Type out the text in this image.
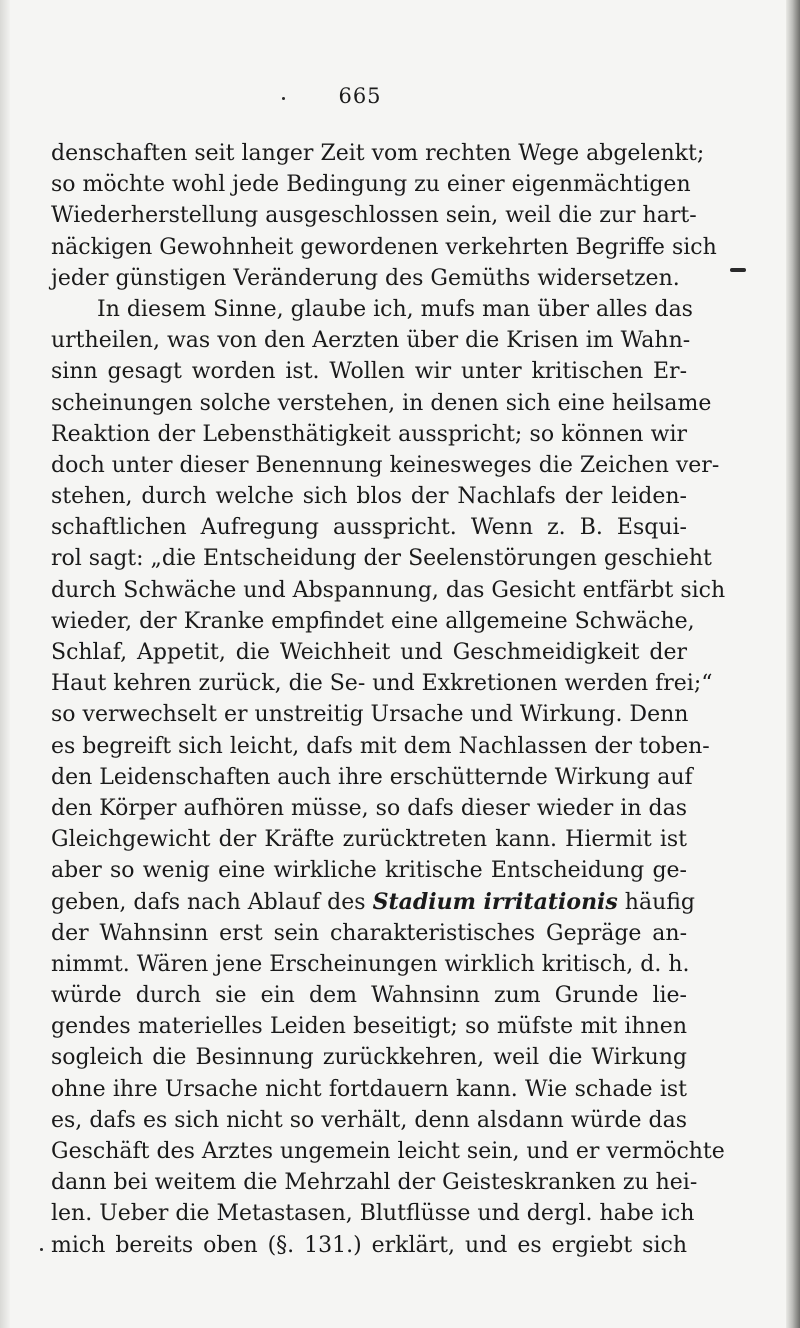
665
denschaften seit langer Zeit vom rechten Wege abgelenkt;
so möchte wohl jede Bedingung zu einer eigenmächtigen
Wiederherstellung ausgeschlossen sein, weil die zur hart-
näckigen Gewohnheit gewordenen verkehrten Begriffe sich
jeder günstigen Veränderung des Gemüths widersetzen.
In diesem Sinne, glaube ich, mufs man über alles das
urtheilen, was von den Aerzten über die Krisen im Wahn-
sinn gesagt worden ist. Wollen wir unter kritischen Er-
scheinungen solche verstehen, in denen sich eine heilsame
Reaktion der Lebensthätigkeit ausspricht; so können wir
doch unter dieser Benennung keinesweges die Zeichen ver-
stehen, durch welche sich blos der Nachlafs der leiden-
schaftlichen Aufregung ausspricht. Wenn z. B. Esqui-
rol sagt: „die Entscheidung der Seelenstörungen geschieht
durch Schwäche und Abspannung, das Gesicht entfärbt sich
wieder, der Kranke empfindet eine allgemeine Schwäche,
Schlaf, Appetit, die Weichheit und Geschmeidigkeit der
Haut kehren zurück, die Se- und Exkretionen werden frei;“
so verwechselt er unstreitig Ursache und Wirkung. Denn
es begreift sich leicht, dafs mit dem Nachlassen der toben-
den Leidenschaften auch ihre erschütternde Wirkung auf
den Körper aufhören müsse, so dafs dieser wieder in das
Gleichgewicht der Kräfte zurücktreten kann. Hiermit ist
aber so wenig eine wirkliche kritische Entscheidung ge-
geben, dafs nach Ablauf des Stadium irritationis häufig
der Wahnsinn erst sein charakteristisches Gepräge an-
nimmt. Wären jene Erscheinungen wirklich kritisch, d. h.
würde durch sie ein dem Wahnsinn zum Grunde lie-
gendes materielles Leiden beseitigt; so müfste mit ihnen
sogleich die Besinnung zurückkehren, weil die Wirkung
ohne ihre Ursache nicht fortdauern kann. Wie schade ist
es, dafs es sich nicht so verhält, denn alsdann würde das
Geschäft des Arztes ungemein leicht sein, und er vermöchte
dann bei weitem die Mehrzahl der Geisteskranken zu hei-
len. Ueber die Metastasen, Blutflüsse und dergl. habe ich
mich bereits oben (§. 131.) erklärt, und es ergiebt sich
